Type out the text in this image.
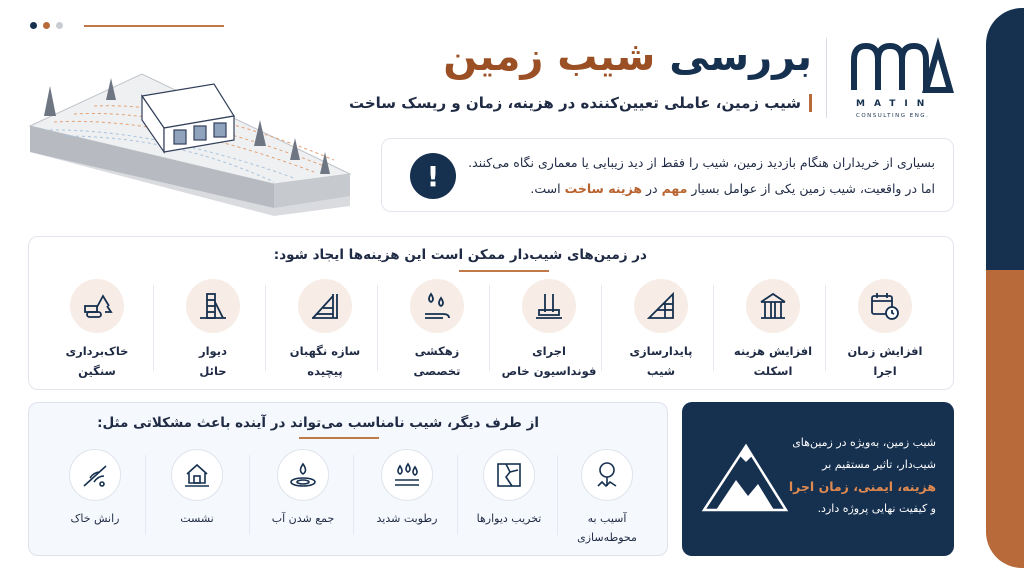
MATIN
CONSULTING ENG.
بررسی شیب زمین
شیب زمین، عاملی تعیین‌کننده در هزینه، زمان و ریسک ساخت
!	بسیاری از خریداران هنگام بازدید زمین، شیب را فقط از دید زیبایی یا معماری نگاه می‌کنند.
اما در واقعیت، شیب زمین یکی از عوامل بسیار مهم در هزینه ساخت است.
در زمین‌های شیب‌دار ممکن است این هزینه‌ها ایجاد شود:
افزایش زمان
اجرا
افزایش هزینه
اسکلت
پایدارسازی
شیب
اجرای
فونداسیون خاص
زهکشی
تخصصی
سازه نگهبان
پیچیده
دیوار
حائل
خاک‌برداری
سنگین
از طرف دیگر، شیب نامناسب می‌تواند در آینده باعث مشکلاتی مثل:
آسیب به
محوطه‌سازی
تخریب دیوارها
رطوبت شدید
جمع شدن آب
نشست
رانش خاک
شیب زمین، به‌ویژه در زمین‌های
شیب‌دار، تاثیر مستقیم بر
هزینه، ایمنی، زمان اجرا
و کیفیت نهایی پروژه دارد.
